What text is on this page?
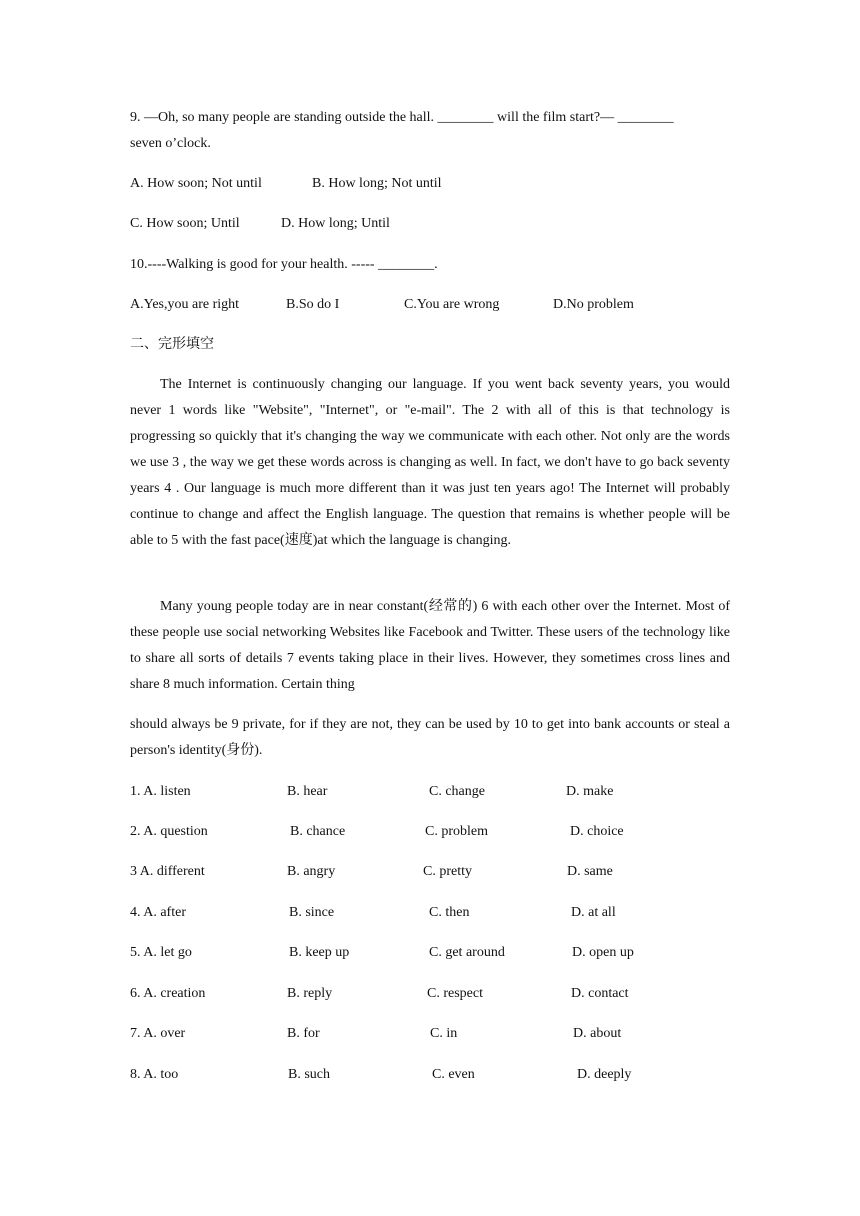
9. —Oh, so many people are standing outside the hall. ________ will the film start?— ________
seven o’clock.
A. How soon; Not until	B. How long; Not until
C. How soon; Until	D. How long; Until
10.----Walking is good for your health. ----- ________.
A.Yes,you are right	B.So do I	C.You are wrong	D.No problem
二、完形填空

The Internet is continuously changing our language. If you went back seventy years, you would never 1 words like "Website", "Internet", or "e-mail". The 2 with all of this is that technology is progressing so quickly that it's changing the way we communicate with each other. Not only are the words we use 3 , the way we get these words across is changing as well. In fact, we don't have to go back seventy years 4 . Our language is much more different than it was just ten years ago! The Internet will probably continue to change and affect the English language. The question that remains is whether people will be able to 5 with the fast pace(速度)at which the language is changing.

Many young people today are in near constant(经常的) 6 with each other over the Internet. Most of these people use social networking Websites like Facebook and Twitter. These users of the technology like to share all sorts of details 7 events taking place in their lives. However, they sometimes cross lines and share 8 much information. Certain thing

should always be 9 private, for if they are not, they can be used by 10 to get into bank accounts or steal a person's identity(身份).

1. A. listen	B. hear	C. change	D. make
2. A. question	B. chance	C. problem	D. choice
3 A. different	B. angry	C. pretty	D. same
4. A. after	B. since	C. then	D. at all
5. A. let go	B. keep up	C. get around	D. open up
6. A. creation	B. reply	C. respect	D. contact
7. A. over	B. for	C. in	D. about
8. A. too	B. such	C. even	D. deeply
